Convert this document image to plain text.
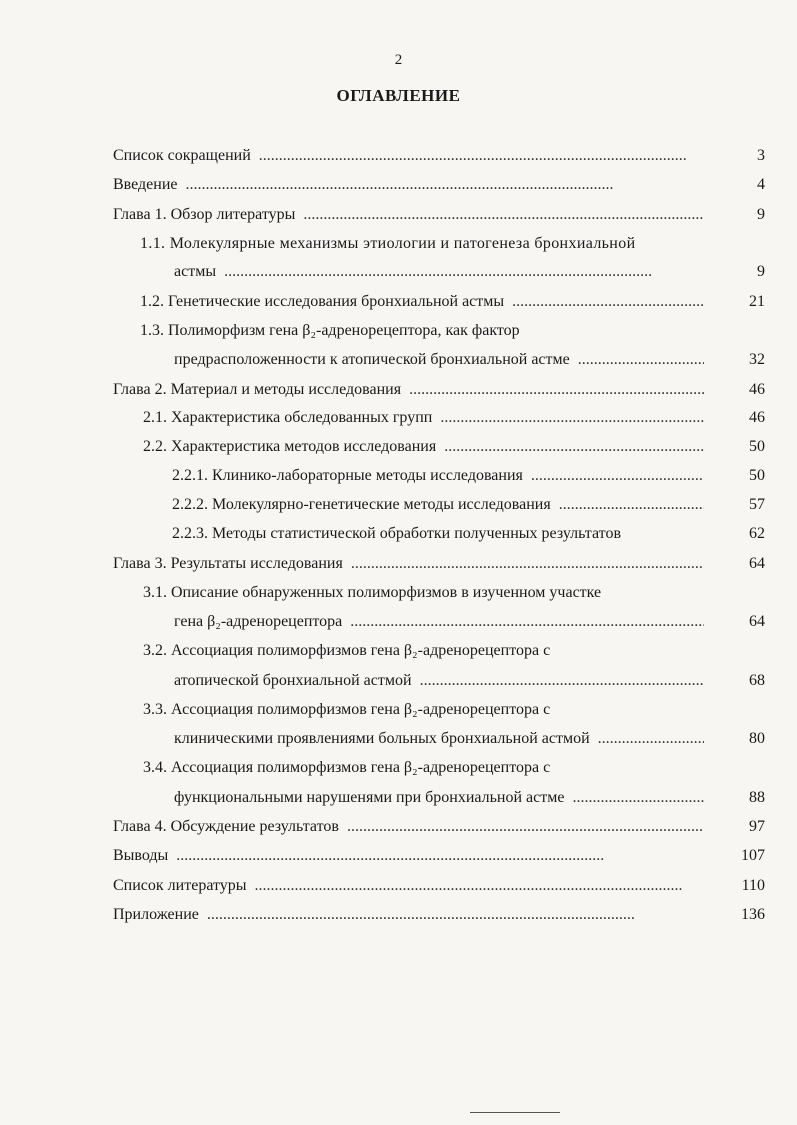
2
ОГЛАВЛЕНИЕ
Список сокращений . . .	3
Введение . . .	4
Глава 1. Обзор литературы . . .	9
1.1. Молекулярные механизмы этиологии и патогенеза бронхиальной
астмы . . .	9
1.2. Генетические исследования бронхиальной астмы . . .	21
1.3. Полиморфизм гена β₂-адренорецептора, как фактор
предрасположенности к атопической бронхиальной астме . . .	32
Глава 2. Материал и методы исследования . . .	46
2.1. Характеристика обследованных групп . . .	46
2.2. Характеристика методов исследования . . .	50
2.2.1. Клинико-лабораторные методы исследования . . .	50
2.2.2. Молекулярно-генетические методы исследования . . .	57
2.2.3. Методы статистической обработки полученных результатов	62
Глава 3. Результаты исследования . . .	64
3.1. Описание обнаруженных полиморфизмов в изученном участке
гена β₂-адренорецептора . . .	64
3.2. Ассоциация полиморфизмов гена β₂-адренорецептора с
атопической бронхиальной астмой . . .	68
3.3. Ассоциация полиморфизмов гена β₂-адренорецептора с
клиническими проявлениями больных бронхиальной астмой . . .	80
3.4. Ассоциация полиморфизмов гена β₂-адренорецептора с
функциональными нарушенями при бронхиальной астме . . .	88
Глава 4. Обсуждение результатов . . .	97
Выводы . . .	107
Список литературы . . .	110
Приложение . . .	136
